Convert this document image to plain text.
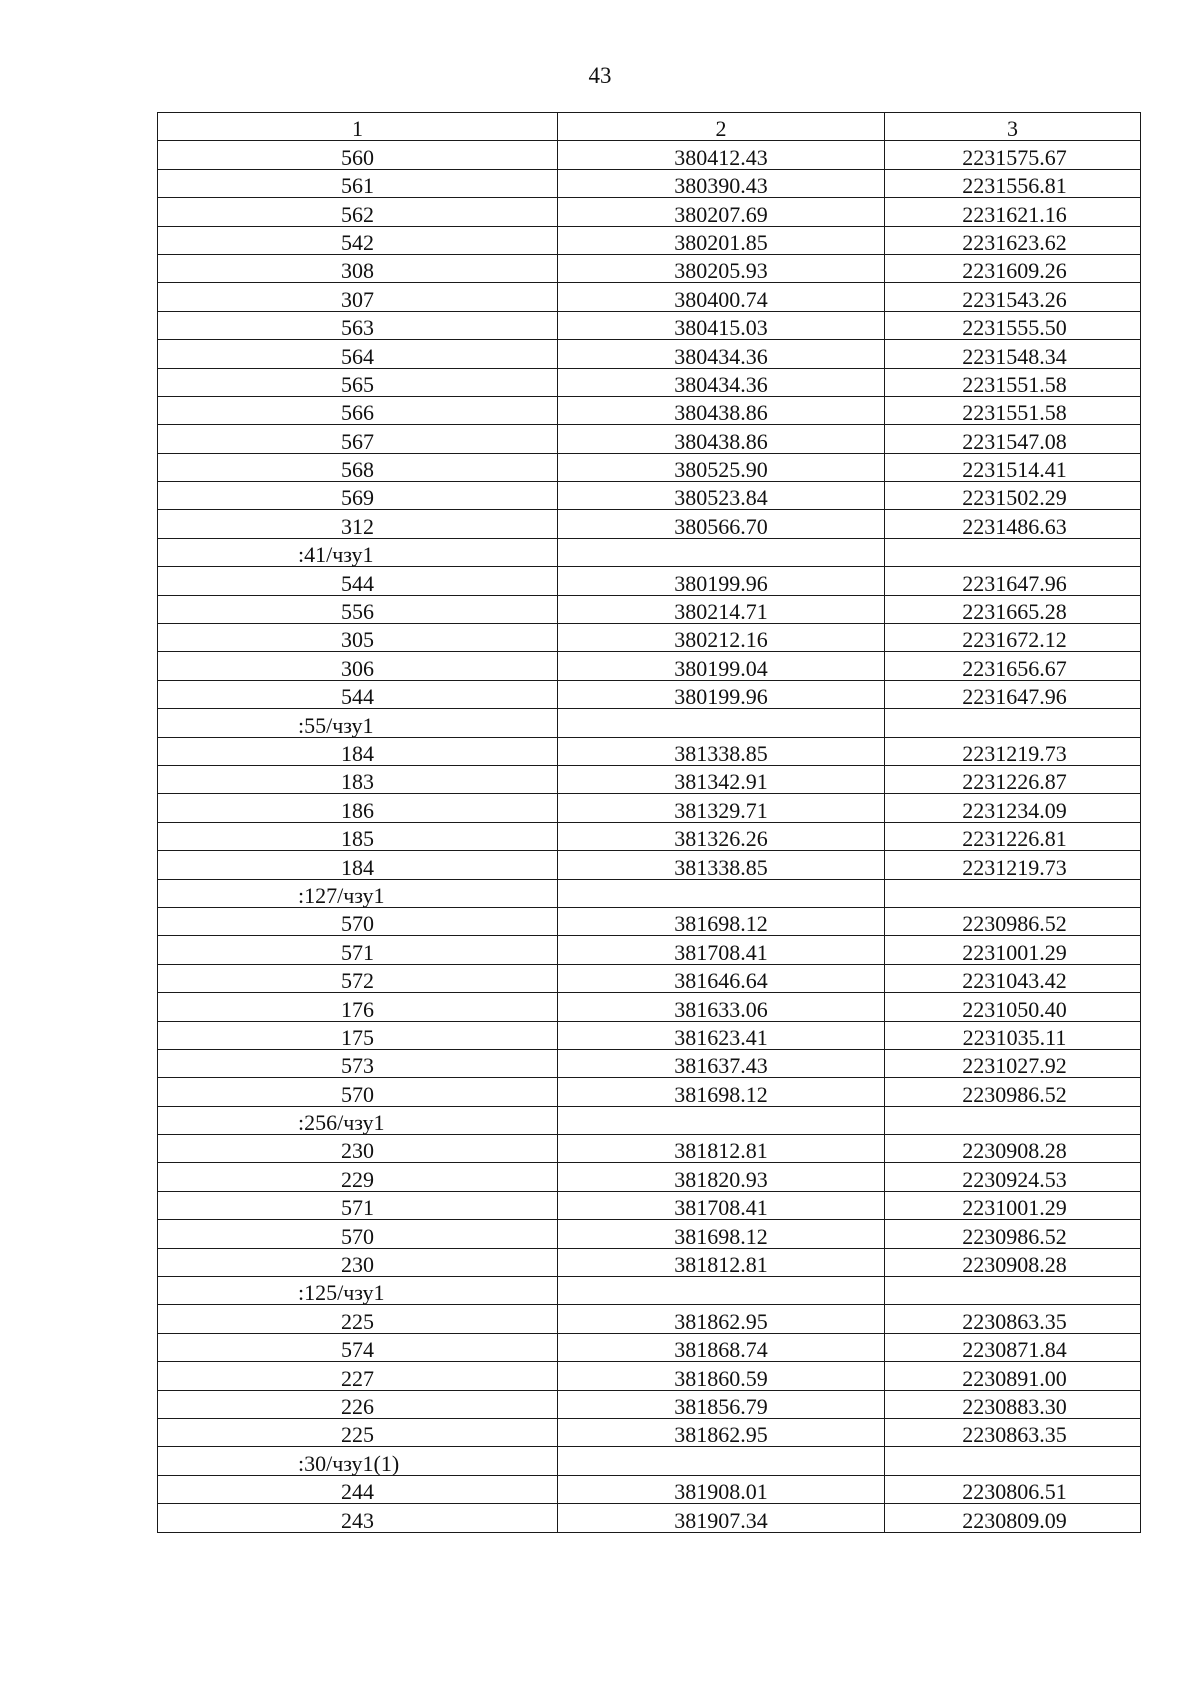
43
1	2	3
560	380412.43	2231575.67
561	380390.43	2231556.81
562	380207.69	2231621.16
542	380201.85	2231623.62
308	380205.93	2231609.26
307	380400.74	2231543.26
563	380415.03	2231555.50
564	380434.36	2231548.34
565	380434.36	2231551.58
566	380438.86	2231551.58
567	380438.86	2231547.08
568	380525.90	2231514.41
569	380523.84	2231502.29
312	380566.70	2231486.63
:41/чзу1		
544	380199.96	2231647.96
556	380214.71	2231665.28
305	380212.16	2231672.12
306	380199.04	2231656.67
544	380199.96	2231647.96
:55/чзу1		
184	381338.85	2231219.73
183	381342.91	2231226.87
186	381329.71	2231234.09
185	381326.26	2231226.81
184	381338.85	2231219.73
:127/чзу1		
570	381698.12	2230986.52
571	381708.41	2231001.29
572	381646.64	2231043.42
176	381633.06	2231050.40
175	381623.41	2231035.11
573	381637.43	2231027.92
570	381698.12	2230986.52
:256/чзу1		
230	381812.81	2230908.28
229	381820.93	2230924.53
571	381708.41	2231001.29
570	381698.12	2230986.52
230	381812.81	2230908.28
:125/чзу1		
225	381862.95	2230863.35
574	381868.74	2230871.84
227	381860.59	2230891.00
226	381856.79	2230883.30
225	381862.95	2230863.35
:30/чзу1(1)		
244	381908.01	2230806.51
243	381907.34	2230809.09
